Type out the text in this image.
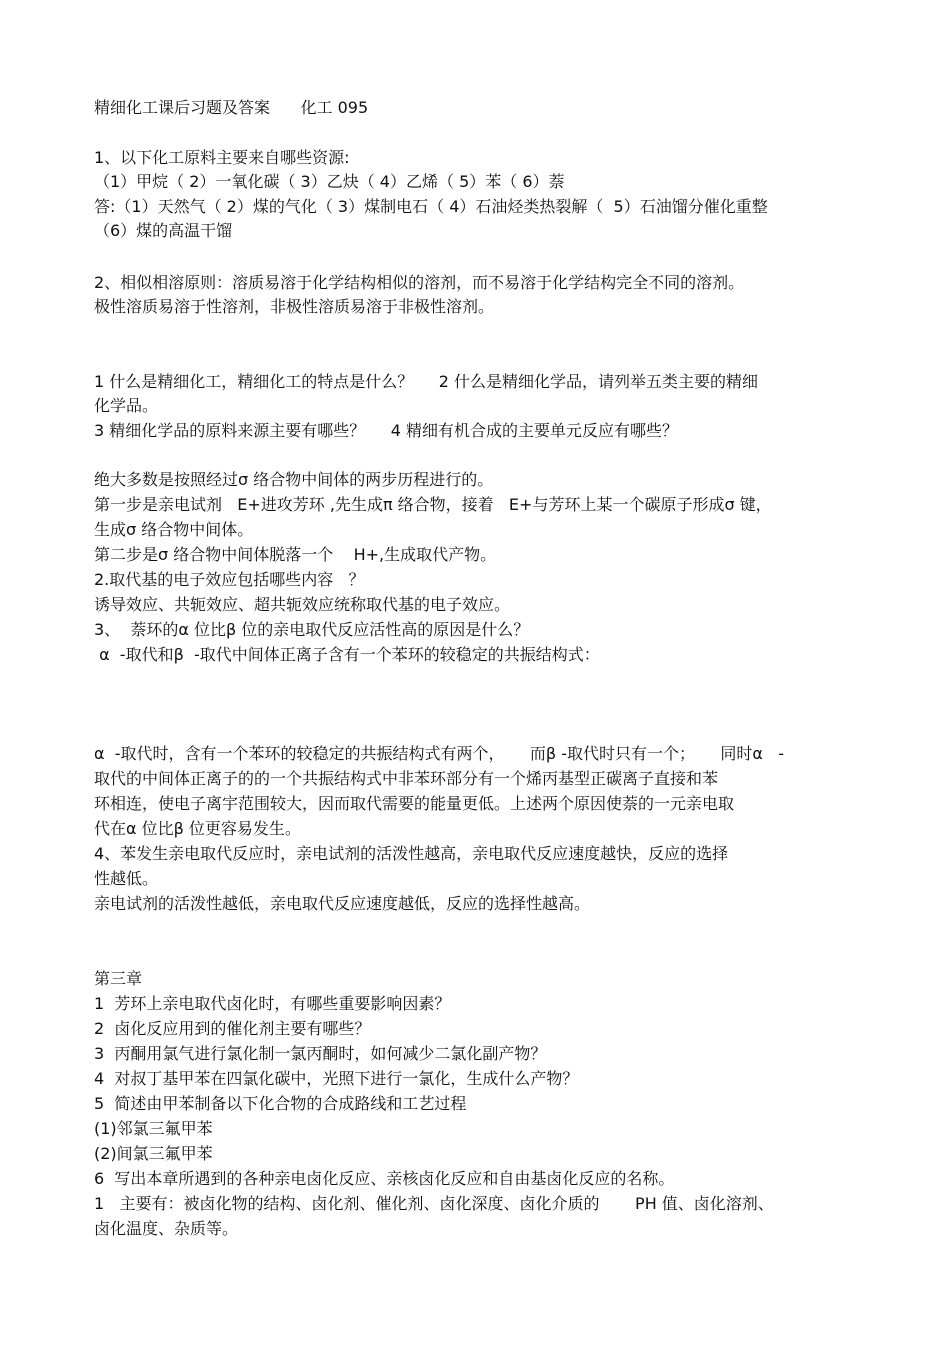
精细化工课后习题及答案      化工 095
1、以下化工原料主要来自哪些资源:
（1）甲烷（ 2）一氧化碳（ 3）乙炔（ 4）乙烯（ 5）苯（ 6）萘
答:（1）天然气（ 2）煤的气化（ 3）煤制电石（ 4）石油烃类热裂解（  5）石油馏分催化重整
（6）煤的高温干馏
2、相似相溶原则：溶质易溶于化学结构相似的溶剂，而不易溶于化学结构完全不同的溶剂。
极性溶质易溶于性溶剂，非极性溶质易溶于非极性溶剂。
1 什么是精细化工，精细化工的特点是什么？     2 什么是精细化学品，请列举五类主要的精细
化学品。
3 精细化学品的原料来源主要有哪些？     4 精细有机合成的主要单元反应有哪些？
绝大多数是按照经过σ 络合物中间体的两步历程进行的。
第一步是亲电试剂   E+进攻芳环 ,先生成π 络合物，接着   E+与芳环上某一个碳原子形成σ 键，
生成σ 络合物中间体。
第二步是σ 络合物中间体脱落一个    H+,生成取代产物。
2.取代基的电子效应包括哪些内容   ？
诱导效应、共轭效应、超共轭效应统称取代基的电子效应。
3、  萘环的α 位比β 位的亲电取代反应活性高的原因是什么？
α  -取代和β  -取代中间体正离子含有一个苯环的较稳定的共振结构式：
α  -取代时，含有一个苯环的较稳定的共振结构式有两个，     而β -取代时只有一个；     同时α   -
取代的中间体正离子的的一个共振结构式中非苯环部分有一个烯丙基型正碳离子直接和苯
环相连，使电子离宇范围较大，因而取代需要的能量更低。上述两个原因使萘的一元亲电取
代在α 位比β 位更容易发生。
4、苯发生亲电取代反应时，亲电试剂的活泼性越高，亲电取代反应速度越快，反应的选择
性越低。
亲电试剂的活泼性越低，亲电取代反应速度越低，反应的选择性越高。
第三章
1  芳环上亲电取代卤化时，有哪些重要影响因素？
2  卤化反应用到的催化剂主要有哪些？
3  丙酮用氯气进行氯化制一氯丙酮时，如何减少二氯化副产物？
4  对叔丁基甲苯在四氯化碳中，光照下进行一氯化，生成什么产物？
5  简述由甲苯制备以下化合物的合成路线和工艺过程
(1)邻氯三氟甲苯
(2)间氯三氟甲苯
6  写出本章所遇到的各种亲电卤化反应、亲核卤化反应和自由基卤化反应的名称。
1   主要有：被卤化物的结构、卤化剂、催化剂、卤化深度、卤化介质的       PH 值、卤化溶剂、
卤化温度、杂质等。
